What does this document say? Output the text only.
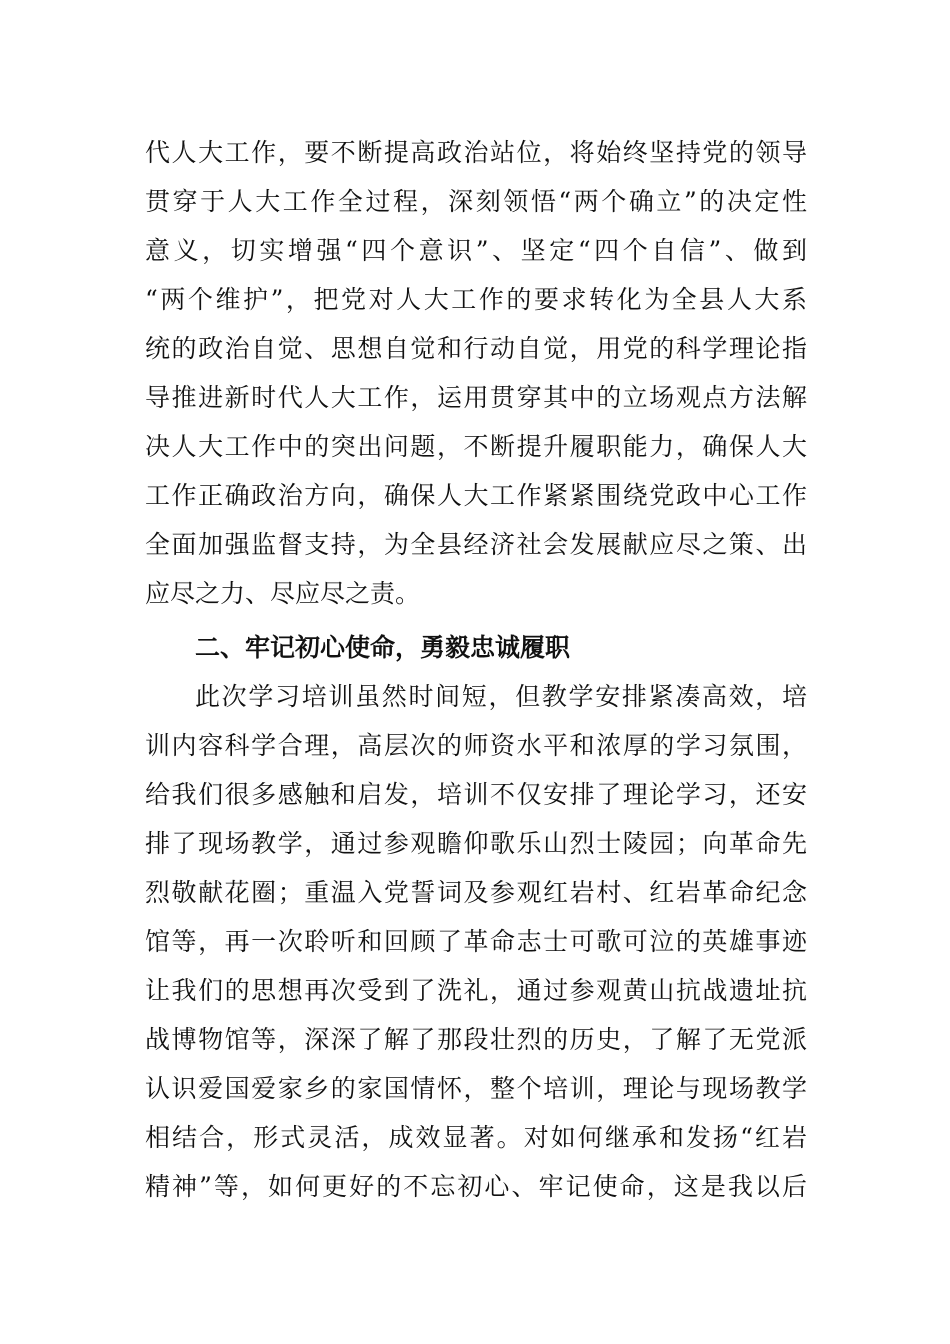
代人大工作，要不断提高政治站位，将始终坚持党的领导
贯穿于人大工作全过程，深刻领悟“两个确立”的决定性
意义，切实增强“四个意识”、坚定“四个自信”、做到
“两个维护”，把党对人大工作的要求转化为全县人大系
统的政治自觉、思想自觉和行动自觉，用党的科学理论指
导推进新时代人大工作，运用贯穿其中的立场观点方法解
决人大工作中的突出问题，不断提升履职能力，确保人大
工作正确政治方向，确保人大工作紧紧围绕党政中心工作
全面加强监督支持，为全县经济社会发展献应尽之策、出
应尽之力、尽应尽之责。
二、牢记初心使命，勇毅忠诚履职
此次学习培训虽然时间短，但教学安排紧凑高效，培
训内容科学合理，高层次的师资水平和浓厚的学习氛围，
给我们很多感触和启发，培训不仅安排了理论学习，还安
排了现场教学，通过参观瞻仰歌乐山烈士陵园；向革命先
烈敬献花圈；重温入党誓词及参观红岩村、红岩革命纪念
馆等，再一次聆听和回顾了革命志士可歌可泣的英雄事迹
让我们的思想再次受到了洗礼，通过参观黄山抗战遗址抗
战博物馆等，深深了解了那段壮烈的历史，了解了无党派
认识爱国爱家乡的家国情怀，整个培训，理论与现场教学
相结合，形式灵活，成效显著。对如何继承和发扬“红岩
精神”等，如何更好的不忘初心、牢记使命，这是我以后
